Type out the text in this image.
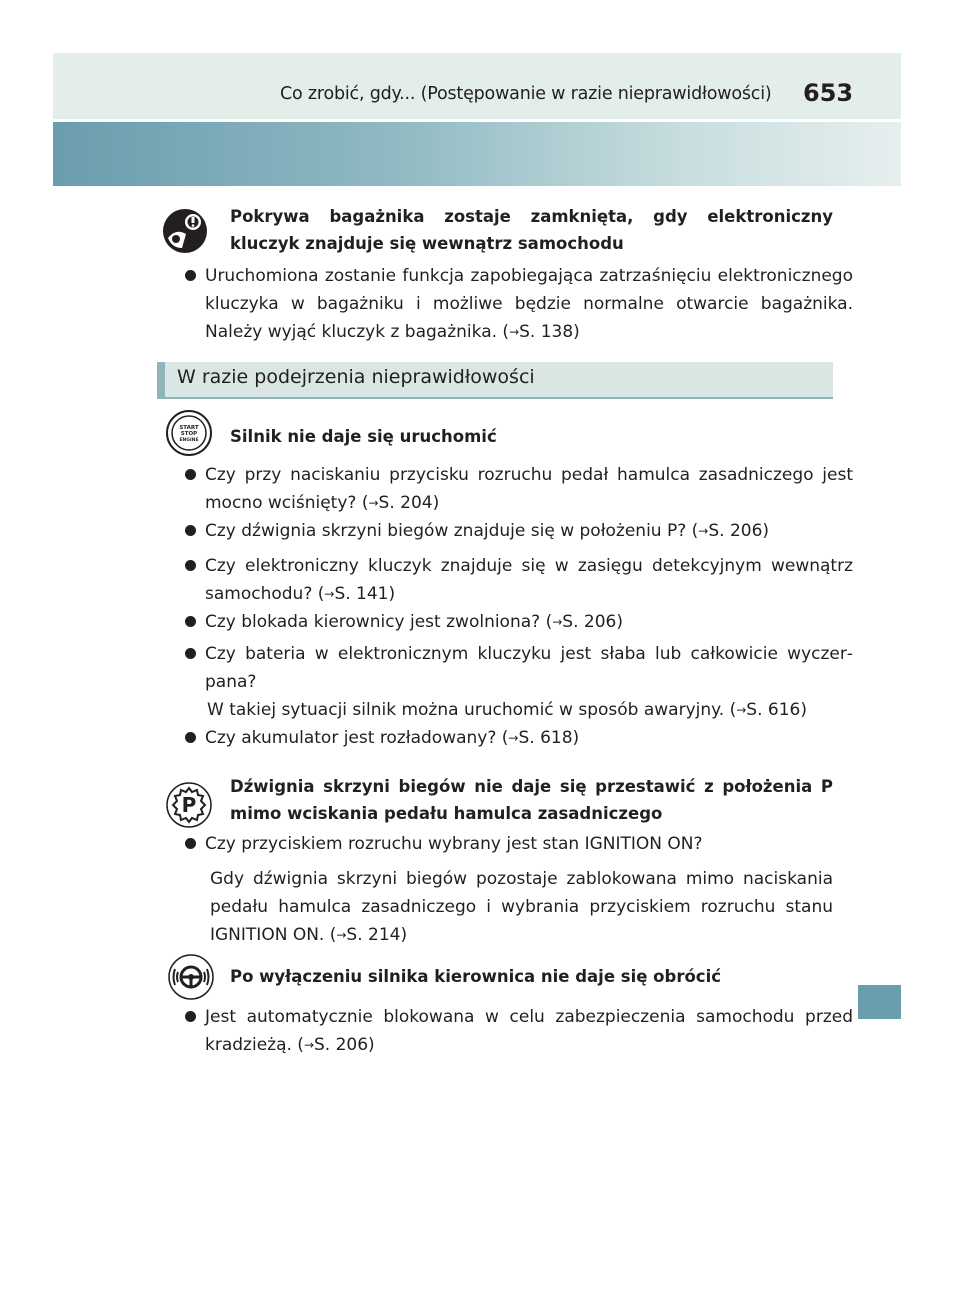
Co zrobić, gdy... (Postępowanie w razie nieprawidłowości) 653
Pokrywa bagażnika zostaje zamknięta, gdy elektroniczny kluczyk znajduje się wewnątrz samochodu
Uruchomiona zostanie funkcja zapobiegająca zatrzaśnięciu elektronicznego kluczyka w bagażniku i możliwe będzie normalne otwarcie bagażnika. Należy wyjąć kluczyk z bagażnika. (→S. 138)
W razie podejrzenia nieprawidłowości
START
STOP
ENGINE Silnik nie daje się uruchomić
Czy przy naciskaniu przycisku rozruchu pedał hamulca zasadniczego jest mocno wciśnięty? (→S. 204)
Czy dźwignia skrzyni biegów znajduje się w położeniu P? (→S. 206)
Czy elektroniczny kluczyk znajduje się w zasięgu detekcyjnym wewnątrz samochodu? (→S. 141)
Czy blokada kierownicy jest zwolniona? (→S. 206)
Czy bateria w elektronicznym kluczyku jest słaba lub całkowicie wyczerpana?
W takiej sytuacji silnik można uruchomić w sposób awaryjny. (→S. 616)
Czy akumulator jest rozładowany? (→S. 618)
P
Dźwignia skrzyni biegów nie daje się przestawić z położenia P mimo wciskania pedału hamulca zasadniczego
Czy przyciskiem rozruchu wybrany jest stan IGNITION ON?
Gdy dźwignia skrzyni biegów pozostaje zablokowana mimo naciskania pedału hamulca zasadniczego i wybrania przyciskiem rozruchu stanu IGNITION ON. (→S. 214)
Po wyłączeniu silnika kierownica nie daje się obrócić
Jest automatycznie blokowana w celu zabezpieczenia samochodu przed kradzieżą. (→S. 206)
